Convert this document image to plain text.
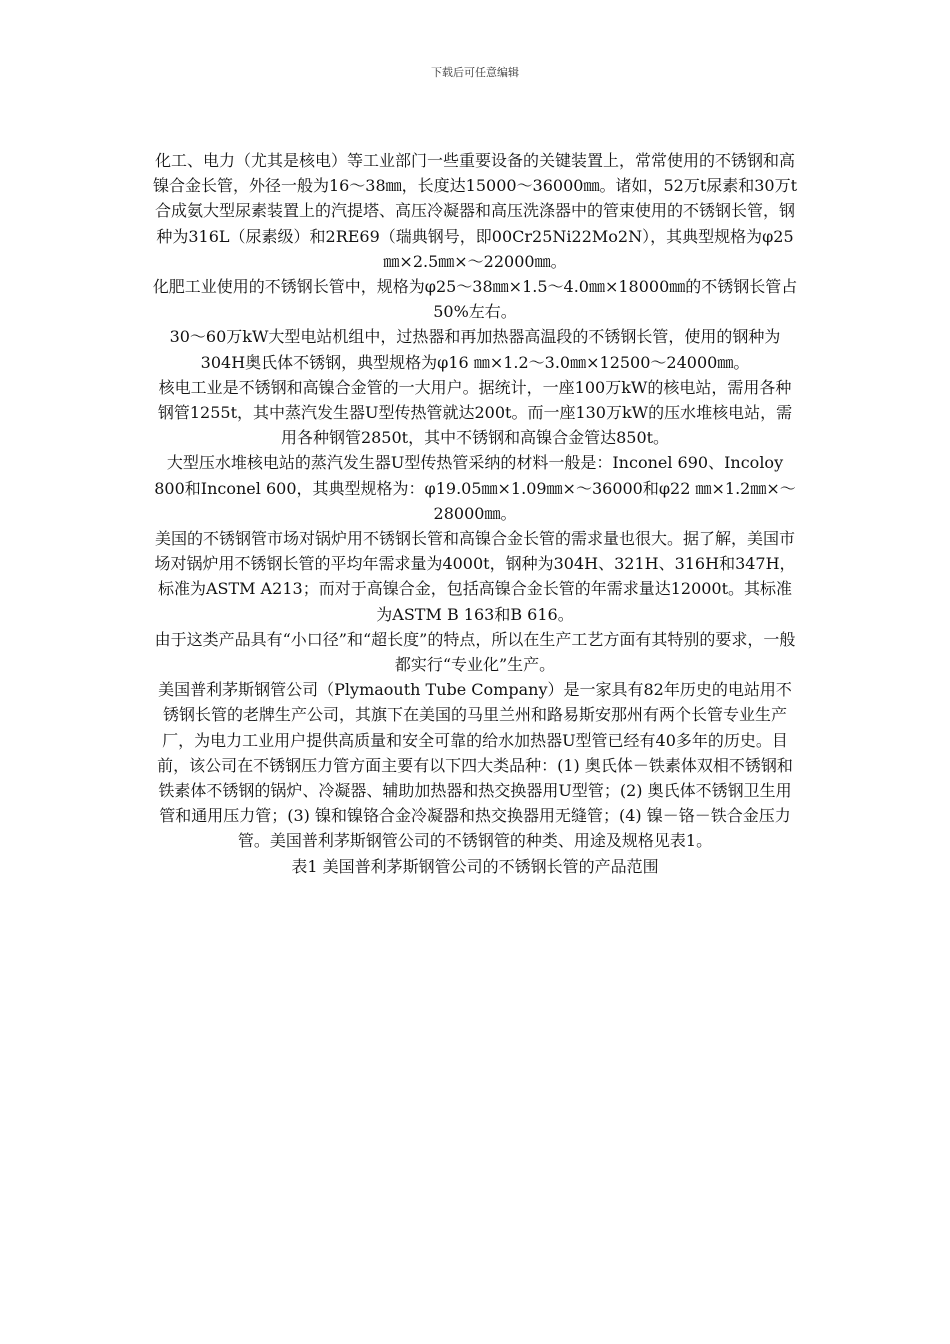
下载后可任意编辑

化工、电力（尤其是核电）等工业部门一些重要设备的关键装置上，常常使用的不锈钢和高镍合金长管，外径一般为16～38㎜，长度达15000～36000㎜。诸如，52万t尿素和30万t合成氨大型尿素装置上的汽提塔、高压冷凝器和高压洗涤器中的管束使用的不锈钢长管，钢种为316L（尿素级）和2RE69（瑞典钢号，即00Cr25Ni22Mo2N），其典型规格为φ25㎜×2.5㎜×～22000㎜。

化肥工业使用的不锈钢长管中，规格为φ25～38㎜×1.5～4.0㎜×18000㎜的不锈钢长管占50%左右。

30～60万kW大型电站机组中，过热器和再加热器高温段的不锈钢长管，使用的钢种为304H奥氏体不锈钢，典型规格为φ16 ㎜×1.2～3.0㎜×12500～24000㎜。

核电工业是不锈钢和高镍合金管的一大用户。据统计，一座100万kW的核电站，需用各种钢管1255t，其中蒸汽发生器U型传热管就达200t。而一座130万kW的压水堆核电站，需用各种钢管2850t，其中不锈钢和高镍合金管达850t。

大型压水堆核电站的蒸汽发生器U型传热管采纳的材料一般是：Inconel 690、Incoloy 800和Inconel 600，其典型规格为：φ19.05㎜×1.09㎜×～36000和φ22 ㎜×1.2㎜×～28000㎜。

美国的不锈钢管市场对锅炉用不锈钢长管和高镍合金长管的需求量也很大。据了解，美国市场对锅炉用不锈钢长管的平均年需求量为4000t，钢种为304H、321H、316H和347H，标准为ASTM A213；而对于高镍合金，包括高镍合金长管的年需求量达12000t。其标准为ASTM B 163和B 616。

由于这类产品具有“小口径”和“超长度”的特点，所以在生产工艺方面有其特别的要求，一般都实行“专业化”生产。

美国普利茅斯钢管公司（Plymaouth Tube Company）是一家具有82年历史的电站用不锈钢长管的老牌生产公司，其旗下在美国的马里兰州和路易斯安那州有两个长管专业生产厂，为电力工业用户提供高质量和安全可靠的给水加热器U型管已经有40多年的历史。目前，该公司在不锈钢压力管方面主要有以下四大类品种：(1) 奥氏体－铁素体双相不锈钢和铁素体不锈钢的锅炉、冷凝器、辅助加热器和热交换器用U型管；(2) 奥氏体不锈钢卫生用管和通用压力管；(3) 镍和镍铬合金冷凝器和热交换器用无缝管；(4) 镍－铬－铁合金压力管。美国普利茅斯钢管公司的不锈钢管的种类、用途及规格见表1。

表1 美国普利茅斯钢管公司的不锈钢长管的产品范围
